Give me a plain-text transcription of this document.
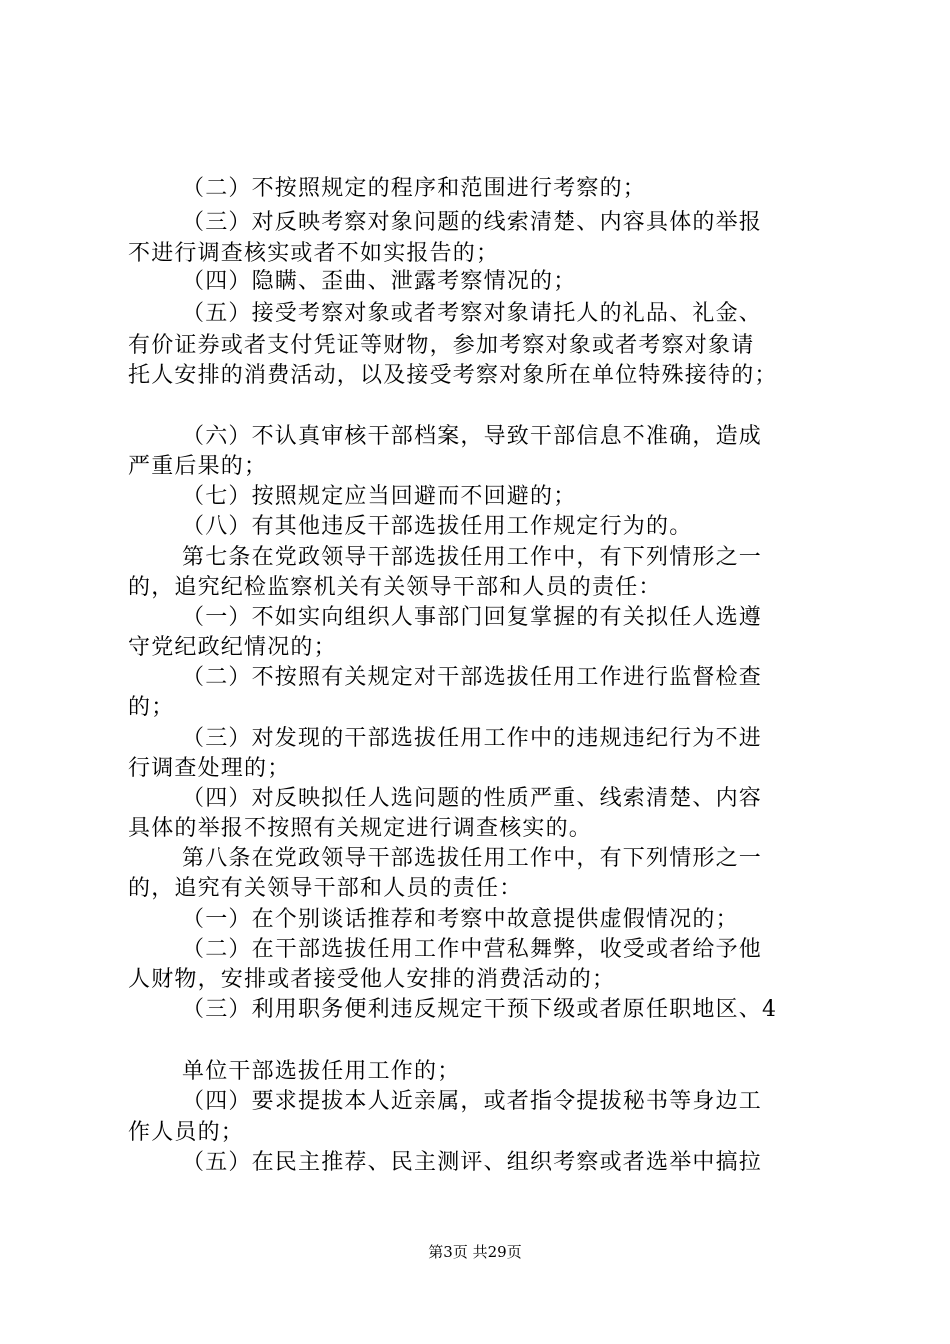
（二）不按照规定的程序和范围进行考察的；
（三）对反映考察对象问题的线索清楚、内容具体的举报
不进行调查核实或者不如实报告的；
（四）隐瞒、歪曲、泄露考察情况的；
（五）接受考察对象或者考察对象请托人的礼品、礼金、
有价证券或者支付凭证等财物，参加考察对象或者考察对象请
托人安排的消费活动，以及接受考察对象所在单位特殊接待的；
（六）不认真审核干部档案，导致干部信息不准确，造成
严重后果的；
（七）按照规定应当回避而不回避的；
（八）有其他违反干部选拔任用工作规定行为的。
第七条在党政领导干部选拔任用工作中，有下列情形之一
的，追究纪检监察机关有关领导干部和人员的责任：
（一）不如实向组织人事部门回复掌握的有关拟任人选遵
守党纪政纪情况的；
（二）不按照有关规定对干部选拔任用工作进行监督检查
的；
（三）对发现的干部选拔任用工作中的违规违纪行为不进
行调查处理的；
（四）对反映拟任人选问题的性质严重、线索清楚、内容
具体的举报不按照有关规定进行调查核实的。
第八条在党政领导干部选拔任用工作中，有下列情形之一
的，追究有关领导干部和人员的责任：
（一）在个别谈话推荐和考察中故意提供虚假情况的；
（二）在干部选拔任用工作中营私舞弊，收受或者给予他
人财物，安排或者接受他人安排的消费活动的；
（三）利用职务便利违反规定干预下级或者原任职地区、4
单位干部选拔任用工作的；
（四）要求提拔本人近亲属，或者指令提拔秘书等身边工
作人员的；
（五）在民主推荐、民主测评、组织考察或者选举中搞拉
第3页 共29页
